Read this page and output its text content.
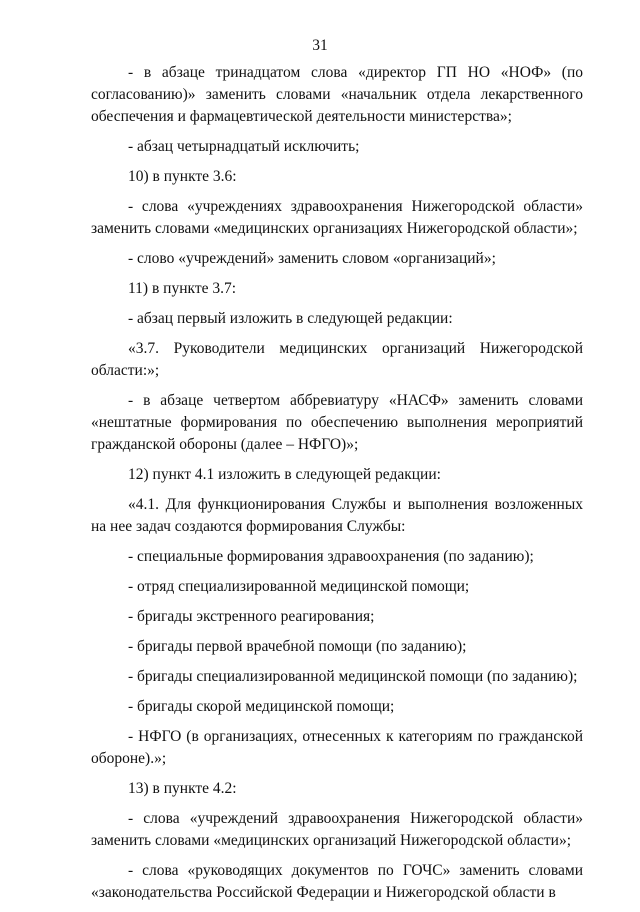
31

- в абзаце тринадцатом слова «директор ГП НО «НОФ» (по согласованию)» заменить словами «начальник отдела лекарственного обеспечения и фармацевтической деятельности министерства»;

- абзац четырнадцатый исключить;

10) в пункте 3.6:

- слова «учреждениях здравоохранения Нижегородской области» заменить словами «медицинских организациях Нижегородской области»;

- слово «учреждений» заменить словом «организаций»;

11) в пункте 3.7:

- абзац первый изложить в следующей редакции:

«3.7. Руководители медицинских организаций Нижегородской области:»;

- в абзаце четвертом аббревиатуру «НАСФ» заменить словами «нештатные формирования по обеспечению выполнения мероприятий гражданской обороны (далее – НФГО)»;

12) пункт 4.1 изложить в следующей редакции:

«4.1. Для функционирования Службы и выполнения возложенных на нее задач создаются формирования Службы:

- специальные формирования здравоохранения (по заданию);

- отряд специализированной медицинской помощи;

- бригады экстренного реагирования;

- бригады первой врачебной помощи (по заданию);

- бригады специализированной медицинской помощи (по заданию);

- бригады скорой медицинской помощи;

- НФГО (в организациях, отнесенных к категориям по гражданской обороне).»;

13) в пункте 4.2:

- слова «учреждений здравоохранения Нижегородской области» заменить словами «медицинских организаций Нижегородской области»;

- слова «руководящих документов по ГОЧС» заменить словами «законодательства Российской Федерации и Нижегородской области в
